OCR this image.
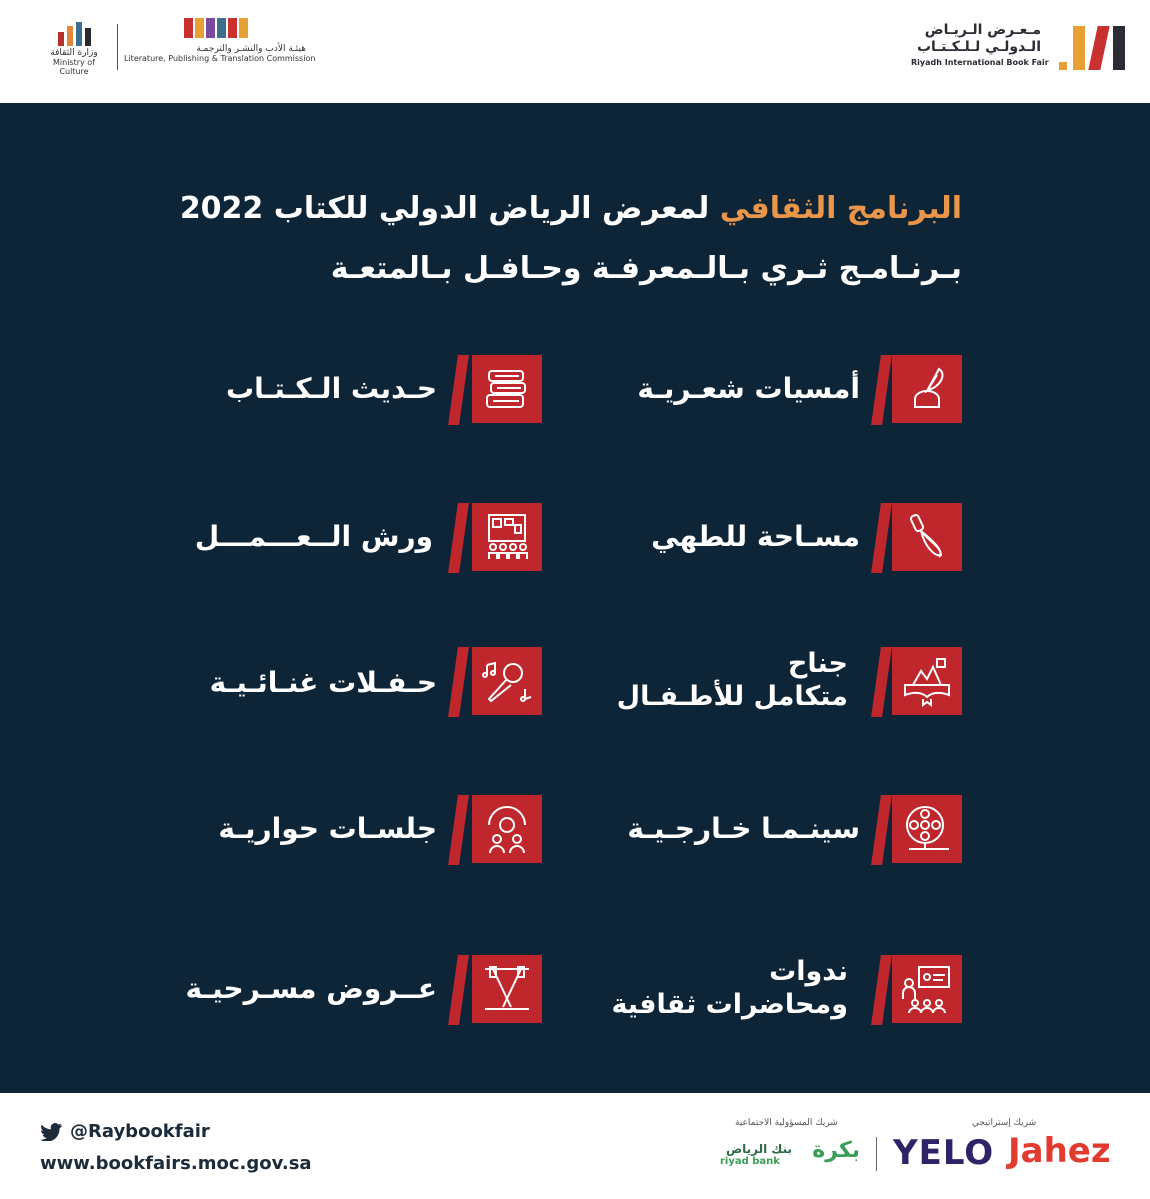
وزارة الثقافة
Ministry of Culture
هيئـة الأدب والنشـر والترجمـة
Literature, Publishing & Translation Commission
مـعـرض الـريـاض
الـدولـي لـلـكـتـاب
Riyadh International Book Fair
البرنامج الثقافي لمعرض الرياض الدولي للكتاب 2022
بـرنـامـج ثـري بـالـمعرفـة وحـافـل بـالمتعـة
أمسيات شعـريـة
حـديث الـكـتـاب
مسـاحة للطهي
ورش الــعـــمـــل
جناح
متكامل للأطـفـال
حـفـلات غنـائـيـة
سينـمـا خـارجـيـة
جلسـات حواريـة
ندوات
ومحاضرات ثقافية
عــروض مسـرحيـة
@Raybookfair
www.bookfairs.moc.gov.sa
شريك المسؤولية الاجتماعية
بكرة
بنك الرياض
riyad bank
شريك إستراتيجي
YELO Jahez
